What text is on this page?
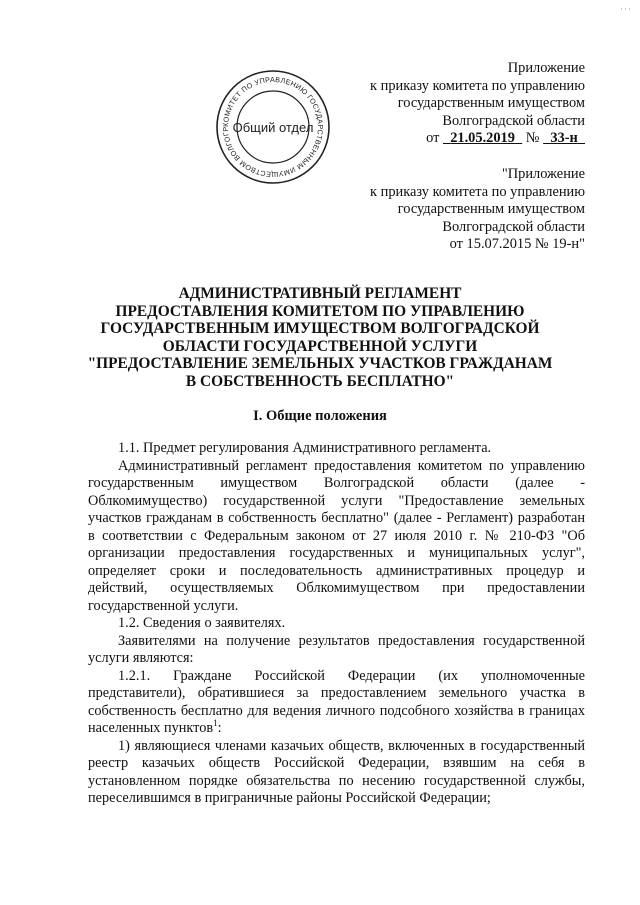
···
КОМИТЕТ ПО УПРАВЛЕНИЮ ГОСУДАРСТВЕННЫМ ИМУЩЕСТВОМ ВОЛГОГР Общий отдел
Приложение
к приказу комитета по управлению
государственным имуществом
Волгоградской области
от 21.05.2019 № 33-н
"Приложение
к приказу комитета по управлению
государственным имуществом
Волгоградской области
от 15.07.2015 № 19-н"
АДМИНИСТРАТИВНЫЙ РЕГЛАМЕНТ
ПРЕДОСТАВЛЕНИЯ КОМИТЕТОМ ПО УПРАВЛЕНИЮ
ГОСУДАРСТВЕННЫМ ИМУЩЕСТВОМ ВОЛГОГРАДСКОЙ
ОБЛАСТИ ГОСУДАРСТВЕННОЙ УСЛУГИ
"ПРЕДОСТАВЛЕНИЕ ЗЕМЕЛЬНЫХ УЧАСТКОВ ГРАЖДАНАМ
В СОБСТВЕННОСТЬ БЕСПЛАТНО"
I. Общие положения

1.1. Предмет регулирования Административного регламента.

Административный регламент предоставления комитетом по управлению государственным имуществом Волгоградской области (далее - Облкомимущество) государственной услуги "Предоставление земельных участков гражданам в собственность бесплатно" (далее - Регламент) разработан в соответствии с Федеральным законом от 27 июля 2010 г. № 210-ФЗ "Об организации предоставления государственных и муниципальных услуг", определяет сроки и последовательность административных процедур и действий, осуществляемых Облкомимуществом при предоставлении государственной услуги.

1.2. Сведения о заявителях.

Заявителями на получение результатов предоставления государственной услуги являются:

1.2.1. Граждане Российской Федерации (их уполномоченные представители), обратившиеся за предоставлением земельного участка в собственность бесплатно для ведения личного подсобного хозяйства в границах населенных пунктов$^1$:

1) являющиеся членами казачьих обществ, включенных в государственный реестр казачьих обществ Российской Федерации, взявшим на себя в установленном порядке обязательства по несению государственной службы, переселившимся в приграничные районы Российской Федерации;
